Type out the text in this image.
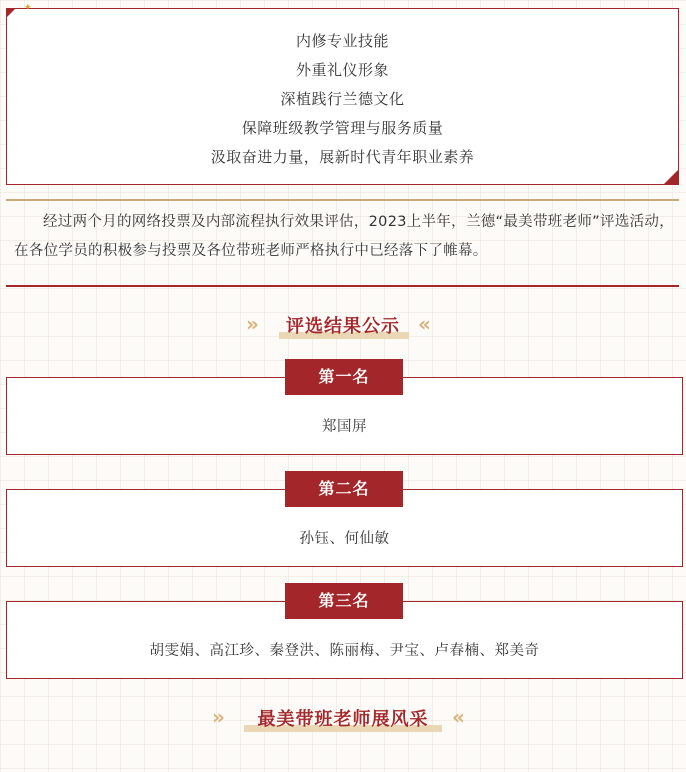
✦
内修专业技能
外重礼仪形象
深植践行兰德文化
保障班级教学管理与服务质量
汲取奋进力量，展新时代青年职业素养

经过两个月的网络投票及内部流程执行效果评估，2023上半年，兰德“最美带班老师”评选活动，在各位学员的积极参与投票及各位带班老师严格执行中已经落下了帷幕。

»	评选结果公示 «
第一名
郑国屏
第二名
孙钰、何仙敏
第三名
胡雯娟、高江珍、秦登洪、陈丽梅、尹宝、卢春楠、郑美奇
»	最美带班老师展风采	«
